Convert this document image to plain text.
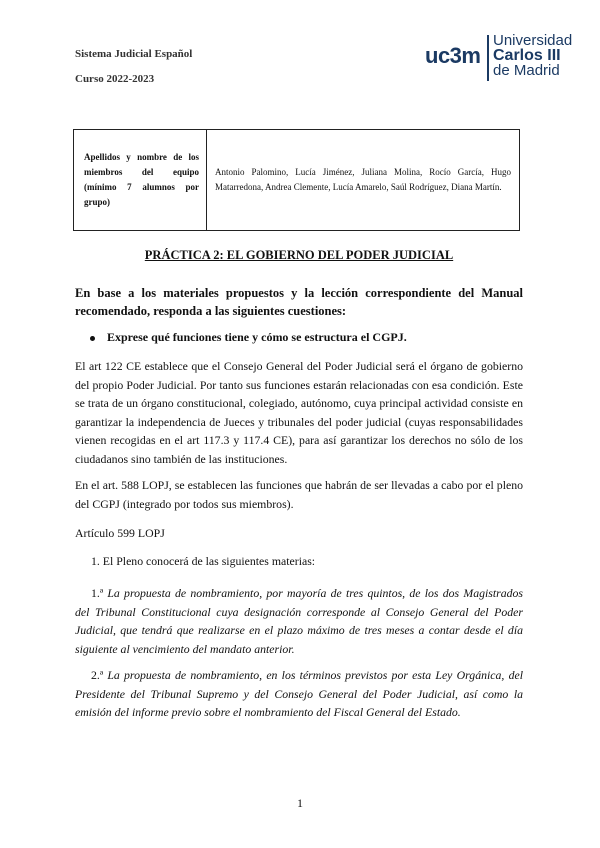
Sistema Judicial Español
Curso 2022-2023
uc3m
Universidad
Carlos III
de Madrid
Apellidos y nombre de los miembros del equipo (mínimo 7 alumnos por grupo)	Antonio Palomino, Lucía Jiménez, Juliana Molina, Rocío García, Hugo Matarredona, Andrea Clemente, Lucía Amarelo, Saúl Rodríguez, Diana Martín.
PRÁCTICA 2: EL GOBIERNO DEL PODER JUDICIAL
En base a los materiales propuestos y la lección correspondiente del Manual recomendado, responda a las siguientes cuestiones:
Exprese qué funciones tiene y cómo se estructura el CGPJ.
El art 122 CE establece que el Consejo General del Poder Judicial será el órgano de gobierno del propio Poder Judicial. Por tanto sus funciones estarán relacionadas con esa condición. Este se trata de un órgano constitucional, colegiado, autónomo, cuya principal actividad consiste en garantizar la independencia de Jueces y tribunales del poder judicial (cuyas responsabilidades vienen recogidas en el art 117.3 y 117.4 CE), para así garantizar los derechos no sólo de los ciudadanos sino también de las instituciones.
En el art. 588 LOPJ, se establecen las funciones que habrán de ser llevadas a cabo por el pleno del CGPJ (integrado por todos sus miembros).
Artículo 599 LOPJ
1. El Pleno conocerá de las siguientes materias:
1.ª La propuesta de nombramiento, por mayoría de tres quintos, de los dos Magistrados del Tribunal Constitucional cuya designación corresponde al Consejo General del Poder Judicial, que tendrá que realizarse en el plazo máximo de tres meses a contar desde el día siguiente al vencimiento del mandato anterior.
2.ª La propuesta de nombramiento, en los términos previstos por esta Ley Orgánica, del Presidente del Tribunal Supremo y del Consejo General del Poder Judicial, así como la emisión del informe previo sobre el nombramiento del Fiscal General del Estado.
1
